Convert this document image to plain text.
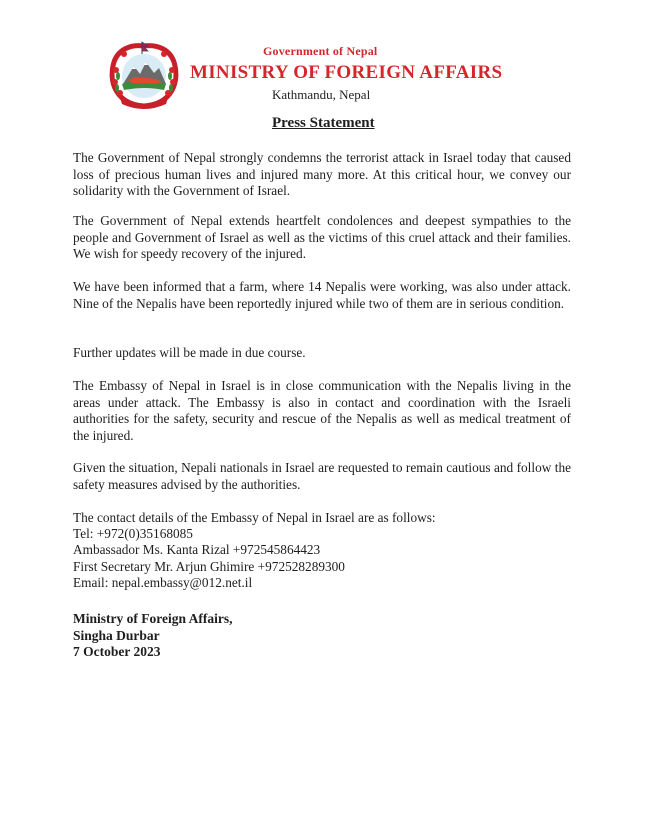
Government of Nepal
MINISTRY OF FOREIGN AFFAIRS
Kathmandu, Nepal
Press Statement

The Government of Nepal strongly condemns the terrorist attack in Israel today that caused loss of precious human lives and injured many more. At this critical hour, we convey our solidarity with the Government of Israel.

The Government of Nepal extends heartfelt condolences and deepest sympathies to the people and Government of Israel as well as the victims of this cruel attack and their families. We wish for speedy recovery of the injured.

We have been informed that a farm, where 14 Nepalis were working, was also under attack. Nine of the Nepalis have been reportedly injured while two of them are in serious condition.

Further updates will be made in due course.

The Embassy of Nepal in Israel is in close communication with the Nepalis living in the areas under attack. The Embassy is also in contact and coordination with the Israeli authorities for the safety, security and rescue of the Nepalis as well as medical treatment of the injured.

Given the situation, Nepali nationals in Israel are requested to remain cautious and follow the safety measures advised by the authorities.

The contact details of the Embassy of Nepal in Israel are as follows:
Tel: +972(0)35168085
Ambassador Ms. Kanta Rizal +972545864423
First Secretary Mr. Arjun Ghimire +972528289300
Email: nepal.embassy@012.net.il
Ministry of Foreign Affairs,
Singha Durbar
7 October 2023
